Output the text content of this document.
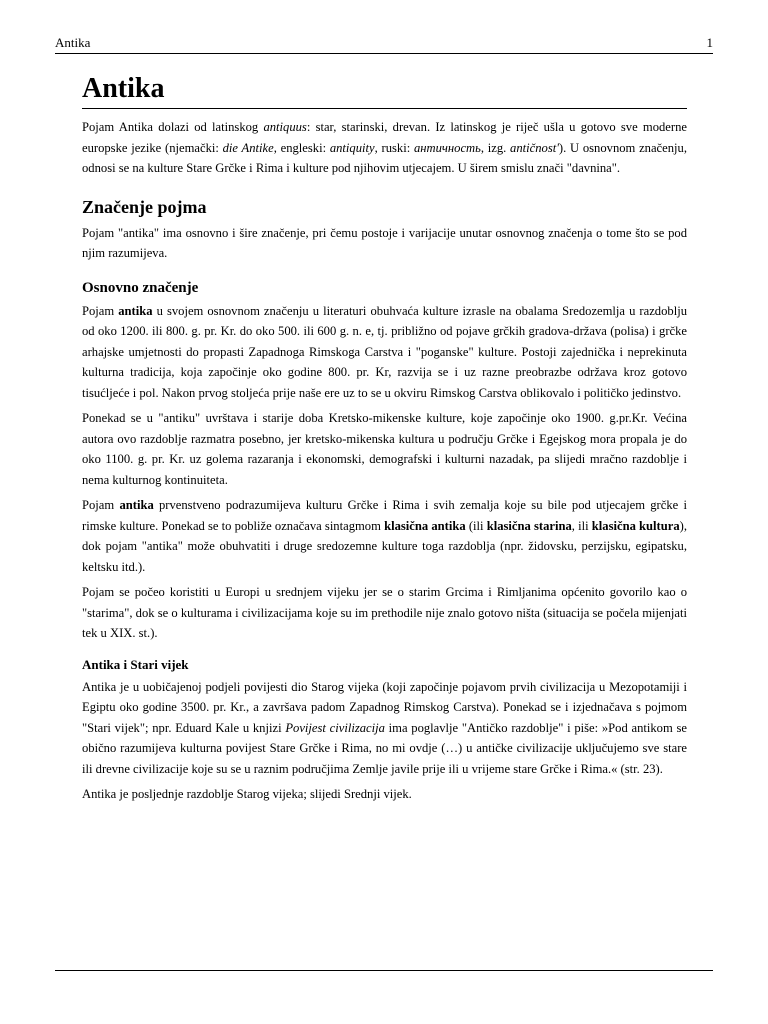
Antika	1
Antika

Pojam Antika dolazi od latinskog antiquus: star, starinski, drevan. Iz latinskog je riječ ušla u gotovo sve moderne europske jezike (njemački: die Antike, engleski: antiquity, ruski: античность, izg. antičnost'). U osnovnom značenju, odnosi se na kulture Stare Grčke i Rima i kulture pod njihovim utjecajem. U širem smislu znači "davnina".

Značenje pojma

Pojam "antika" ima osnovno i šire značenje, pri čemu postoje i varijacije unutar osnovnog značenja o tome što se pod njim razumijeva.

Osnovno značenje

Pojam antika u svojem osnovnom značenju u literaturi obuhvaća kulture izrasle na obalama Sredozemlja u razdoblju od oko 1200. ili 800. g. pr. Kr. do oko 500. ili 600 g. n. e, tj. približno od pojave grčkih gradova-država (polisa) i grčke arhajske umjetnosti do propasti Zapadnoga Rimskoga Carstva i "poganske" kulture. Postoji zajednička i neprekinuta kulturna tradicija, koja započinje oko godine 800. pr. Kr, razvija se i uz razne preobrazbe održava kroz gotovo tisućljeće i pol. Nakon prvog stoljeća prije naše ere uz to se u okviru Rimskog Carstva oblikovalo i političko jedinstvo.

Ponekad se u "antiku" uvrštava i starije doba Kretsko-mikenske kulture, koje započinje oko 1900. g.pr.Kr. Većina autora ovo razdoblje razmatra posebno, jer kretsko-mikenska kultura u području Grčke i Egejskog mora propala je do oko 1100. g. pr. Kr. uz golema razaranja i ekonomski, demografski i kulturni nazadak, pa slijedi mračno razdoblje i nema kulturnog kontinuiteta.

Pojam antika prvenstveno podrazumijeva kulturu Grčke i Rima i svih zemalja koje su bile pod utjecajem grčke i rimske kulture. Ponekad se to pobliže označava sintagmom klasična antika (ili klasična starina, ili klasična kultura), dok pojam "antika" može obuhvatiti i druge sredozemne kulture toga razdoblja (npr. židovsku, perzijsku, egipatsku, keltsku itd.).

Pojam se počeo koristiti u Europi u srednjem vijeku jer se o starim Grcima i Rimljanima općenito govorilo kao o "starima", dok se o kulturama i civilizacijama koje su im prethodile nije znalo gotovo ništa (situacija se počela mijenjati tek u XIX. st.).

Antika i Stari vijek

Antika je u uobičajenoj podjeli povijesti dio Starog vijeka (koji započinje pojavom prvih civilizacija u Mezopotamiji i Egiptu oko godine 3500. pr. Kr., a završava padom Zapadnog Rimskog Carstva). Ponekad se i izjednačava s pojmom "Stari vijek"; npr. Eduard Kale u knjizi Povijest civilizacija ima poglavlje "Antičko razdoblje" i piše: »Pod antikom se obično razumijeva kulturna povijest Stare Grčke i Rima, no mi ovdje (…) u antičke civilizacije uključujemo sve stare ili drevne civilizacije koje su se u raznim područjima Zemlje javile prije ili u vrijeme stare Grčke i Rima.« (str. 23).

Antika je posljednje razdoblje Starog vijeka; slijedi Srednji vijek.
